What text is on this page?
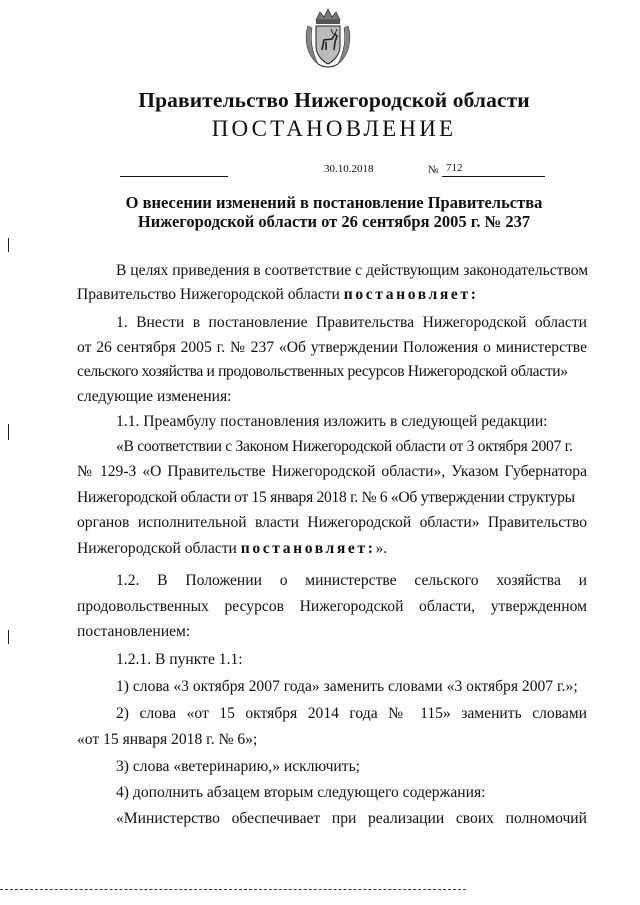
Правительство Нижегородской области
ПОСТАНОВЛЕНИЕ
30.10.2018	№ 712
О внесении изменений в постановление Правительства
Нижегородской области от 26 сентября 2005 г. № 237
В целях приведения в соответствие с действующим законодательством
Правительство Нижегородской области постановляет:
1. Внести в постановление Правительства Нижегородской области
от 26 сентября 2005 г. № 237 «Об утверждении Положения о министерстве
сельского хозяйства и продовольственных ресурсов Нижегородской области»
следующие изменения:
1.1. Преамбулу постановления изложить в следующей редакции:
«В соответствии с Законом Нижегородской области от 3 октября 2007 г.
№ 129-З «О Правительстве Нижегородской области», Указом Губернатора
Нижегородской области от 15 января 2018 г. № 6 «Об утверждении структуры
органов исполнительной власти Нижегородской области» Правительство
Нижегородской области постановляет:».
1.2. В Положении о министерстве сельского хозяйства и
продовольственных ресурсов Нижегородской области, утвержденном
постановлением:
1.2.1. В пункте 1.1:
1) слова «3 октября 2007 года» заменить словами «3 октября 2007 г.»;
2) слова «от 15 октября 2014 года № 115» заменить словами
«от 15 января 2018 г. № 6»;
3) слова «ветеринарию,» исключить;
4) дополнить абзацем вторым следующего содержания:
«Министерство обеспечивает при реализации своих полномочий
